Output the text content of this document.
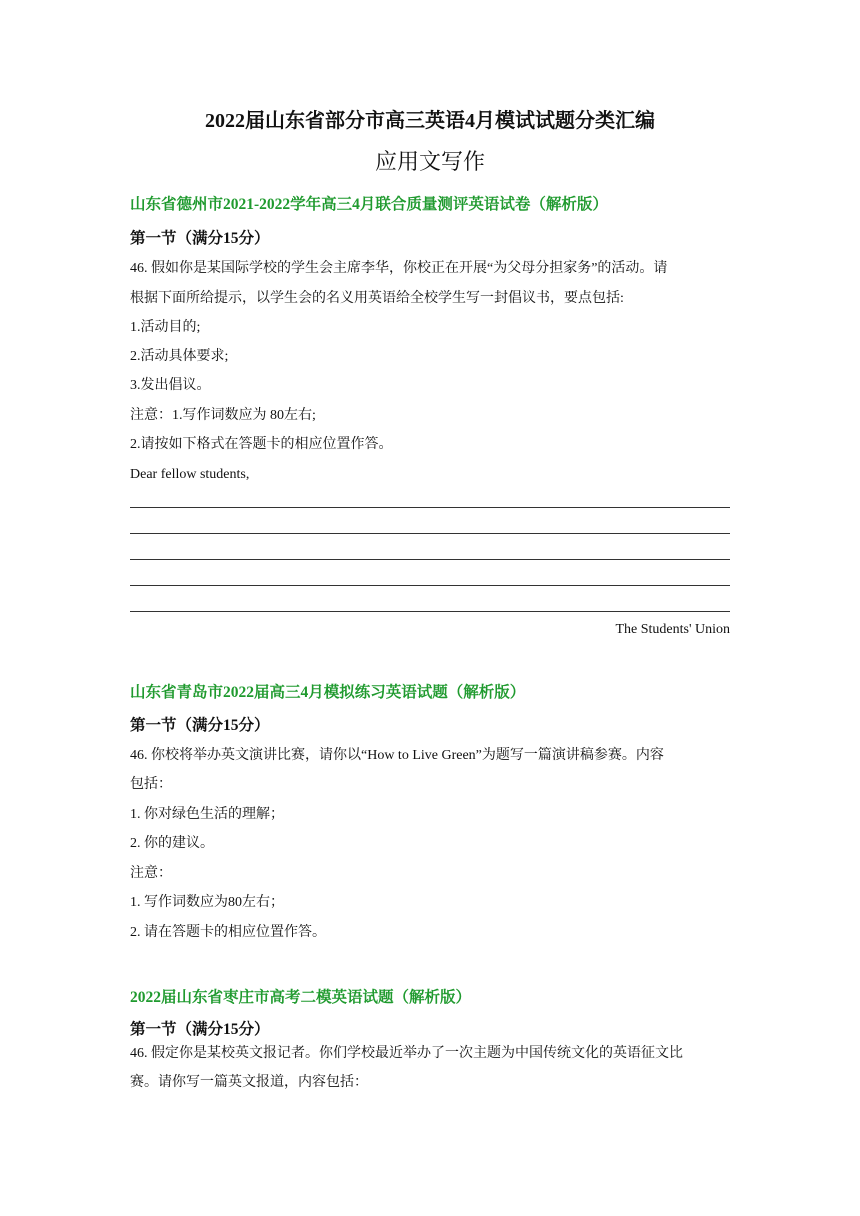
2022届山东省部分市高三英语4月模试试题分类汇编
应用文写作
山东省德州市2021-2022学年高三4月联合质量测评英语试卷（解析版）
第一节（满分15分）
46. 假如你是某国际学校的学生会主席李华，你校正在开展“为父母分担家务”的活动。请
根据下面所给提示，以学生会的名义用英语给全校学生写一封倡议书，要点包括:
1.活动目的;
2.活动具体要求;
3.发出倡议。
注意：1.写作词数应为 80左右;
2.请按如下格式在答题卡的相应位置作答。
Dear fellow students,
The Students' Union
山东省青岛市2022届高三4月模拟练习英语试题（解析版）
第一节（满分15分）
46. 你校将举办英文演讲比赛，请你以“How to Live Green”为题写一篇演讲稿参赛。内容
包括：
1. 你对绿色生活的理解；
2. 你的建议。
注意：
1. 写作词数应为80左右；
2. 请在答题卡的相应位置作答。
2022届山东省枣庄市高考二模英语试题（解析版）
第一节（满分15分）
46. 假定你是某校英文报记者。你们学校最近举办了一次主题为中国传统文化的英语征文比
赛。请你写一篇英文报道，内容包括：
